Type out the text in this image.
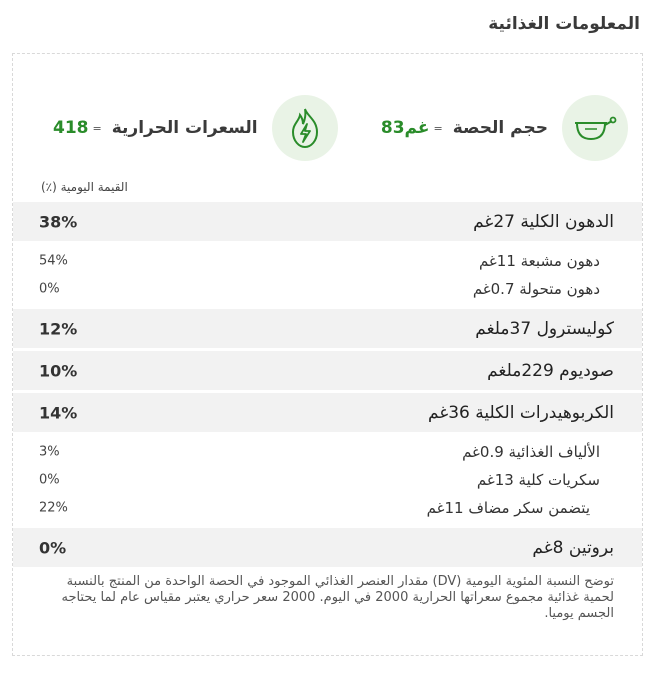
المعلومات الغذائية
حجم الحصة
=
83غم
السعرات الحرارية
=
418
القيمة اليومية (٪)
الدهون الكلية 27غم
38%
دهون مشبعة 11غم
54%
دهون متحولة 0.7غم
0%
كوليسترول 37ملغم
12%
صوديوم 229ملغم
10%
الكربوهيدرات الكلية 36غم
14%
الألياف الغذائية 0.9غم
3%
سكريات كلية 13غم
0%
يتضمن سكر مضاف 11غم
22%
بروتين 8غم
0%
توضح النسبة المئوية اليومية (DV) مقدار العنصر الغذائي الموجود في الحصة الواحدة من المنتج بالنسبة لحمية غذائية مجموع سعراتها الحرارية 2000 في اليوم. 2000 سعر حراري يعتبر مقياس عام لما يحتاجه الجسم يوميا.
